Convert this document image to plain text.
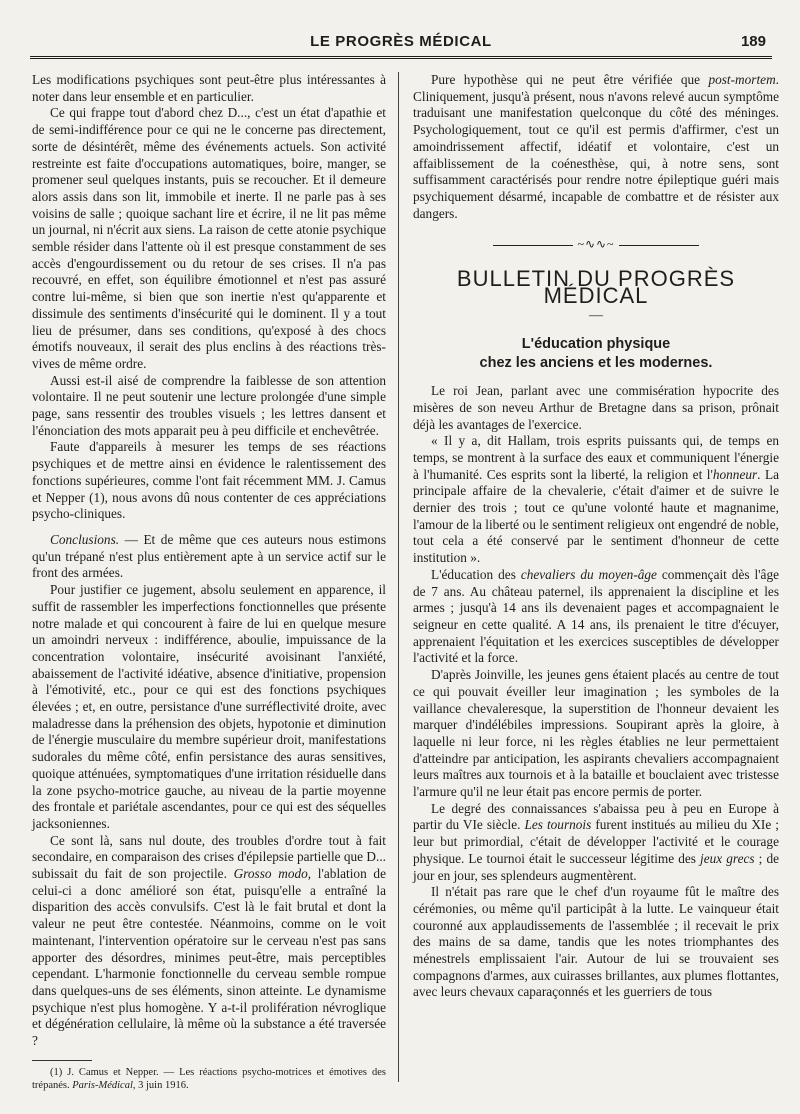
LE PROGRÈS MÉDICAL	189

Les modifications psychiques sont peut-être plus intéressantes à noter dans leur ensemble et en particulier.

Ce qui frappe tout d'abord chez D..., c'est un état d'apathie et de semi-indifférence pour ce qui ne le concerne pas directement, sorte de désintérêt, même des événements actuels. Son activité restreinte est faite d'occupations automatiques, boire, manger, se promener seul quelques instants, puis se recoucher. Et il demeure alors assis dans son lit, immobile et inerte. Il ne parle pas à ses voisins de salle ; quoique sachant lire et écrire, il ne lit pas même un journal, ni n'écrit aux siens. La raison de cette atonie psychique semble résider dans l'attente où il est presque constamment de ses accès d'engourdissement ou du retour de ses crises. Il n'a pas recouvré, en effet, son équilibre émotionnel et n'est pas assuré contre lui-même, si bien que son inertie n'est qu'apparente et dissimule des sentiments d'insécurité qui le dominent. Il y a tout lieu de présumer, dans ses conditions, qu'exposé à des chocs émotifs nouveaux, il serait des plus enclins à des réactions très-vives de même ordre.

Aussi est-il aisé de comprendre la faiblesse de son attention volontaire. Il ne peut soutenir une lecture prolongée d'une simple page, sans ressentir des troubles visuels ; les lettres dansent et l'énonciation des mots apparait peu à peu difficile et enchevêtrée.

Faute d'appareils à mesurer les temps de ses réactions psychiques et de mettre ainsi en évidence le ralentissement des fonctions supérieures, comme l'ont fait récemment MM. J. Camus et Nepper (1), nous avons dû nous contenter de ces appréciations psycho-cliniques.

Conclusions. — Et de même que ces auteurs nous estimons qu'un trépané n'est plus entièrement apte à un service actif sur le front des armées.

Pour justifier ce jugement, absolu seulement en apparence, il suffit de rassembler les imperfections fonctionnelles que présente notre malade et qui concourent à faire de lui en quelque mesure un amoindri nerveux : indifférence, aboulie, impuissance de la concentration volontaire, insécurité avoisinant l'anxiété, abaissement de l'activité idéative, absence d'initiative, propension à l'émotivité, etc., pour ce qui est des fonctions psychiques élevées ; et, en outre, persistance d'une surréflectivité droite, avec maladresse dans la préhension des objets, hypotonie et diminution de l'énergie musculaire du membre supérieur droit, manifestations sudorales du même côté, enfin persistance des auras sensitives, quoique atténuées, symptomatiques d'une irritation résiduelle dans la zone psycho-motrice gauche, au niveau de la partie moyenne des frontale et pariétale ascendantes, pour ce qui est des séquelles jacksoniennes.

Ce sont là, sans nul doute, des troubles d'ordre tout à fait secondaire, en comparaison des crises d'épilepsie partielle que D... subissait du fait de son projectile. Grosso modo, l'ablation de celui-ci a donc amélioré son état, puisqu'elle a entraîné la disparition des accès convulsifs. C'est là le fait brutal et dont la valeur ne peut être contestée. Néanmoins, comme on le voit maintenant, l'intervention opératoire sur le cerveau n'est pas sans apporter des désordres, minimes peut-être, mais perceptibles cependant. L'harmonie fonctionnelle du cerveau semble rompue dans quelques-uns de ses éléments, sinon atteinte. Le dynamisme psychique n'est plus homogène. Y a-t-il prolifération névroglique et dégénération cellulaire, là même où la substance a été traversée ?

(1) J. Camus et Nepper. — Les réactions psycho-motrices et émotives des trépanés. Paris-Médical, 3 juin 1916.

Pure hypothèse qui ne peut être vérifiée que post-mortem. Cliniquement, jusqu'à présent, nous n'avons relevé aucun symptôme traduisant une manifestation quelconque du côté des méninges. Psychologiquement, tout ce qu'il est permis d'affirmer, c'est un amoindrissement affectif, idéatif et volontaire, c'est un affaiblissement de la coénesthèse, qui, à notre sens, sont suffisamment caractérisés pour rendre notre épileptique guéri mais psychiquement désarmé, incapable de combattre et de résister aux dangers.

~∿∿~
BULLETIN DU PROGRÈS MÉDICAL
—
L'éducation physique
chez les anciens et les modernes.

Le roi Jean, parlant avec une commisération hypocrite des misères de son neveu Arthur de Bretagne dans sa prison, prônait déjà les avantages de l'exercice.

« Il y a, dit Hallam, trois esprits puissants qui, de temps en temps, se montrent à la surface des eaux et communiquent l'énergie à l'humanité. Ces esprits sont la liberté, la religion et l'honneur. La principale affaire de la chevalerie, c'était d'aimer et de suivre le dernier des trois ; tout ce qu'une volonté haute et magnanime, l'amour de la liberté ou le sentiment religieux ont engendré de noble, tout cela a été conservé par le sentiment d'honneur de cette institution ».

L'éducation des chevaliers du moyen-âge commençait dès l'âge de 7 ans. Au château paternel, ils apprenaient la discipline et les armes ; jusqu'à 14 ans ils devenaient pages et accompagnaient le seigneur en cette qualité. A 14 ans, ils prenaient le titre d'écuyer, apprenaient l'équitation et les exercices susceptibles de développer l'activité et la force.

D'après Joinville, les jeunes gens étaient placés au centre de tout ce qui pouvait éveiller leur imagination ; les symboles de la vaillance chevaleresque, la superstition de l'honneur devaient les marquer d'indélébiles impressions. Soupirant après la gloire, à laquelle ni leur force, ni les règles établies ne leur permettaient d'atteindre par anticipation, les aspirants chevaliers accompagnaient leurs maîtres aux tournois et à la bataille et bouclaient avec tristesse l'armure qu'il ne leur était pas encore permis de porter.

Le degré des connaissances s'abaissa peu à peu en Europe à partir du VIe siècle. Les tournois furent institués au milieu du XIe ; leur but primordial, c'était de développer l'activité et le courage physique. Le tournoi était le successeur légitime des jeux grecs ; de jour en jour, ses splendeurs augmentèrent.

Il n'était pas rare que le chef d'un royaume fût le maître des cérémonies, ou même qu'il participât à la lutte. Le vainqueur était couronné aux applaudissements de l'assemblée ; il recevait le prix des mains de sa dame, tandis que les notes triomphantes des ménestrels emplissaient l'air. Autour de lui se trouvaient ses compagnons d'armes, aux cuirasses brillantes, aux plumes flottantes, avec leurs chevaux caparaçonnés et les guerriers de tous
